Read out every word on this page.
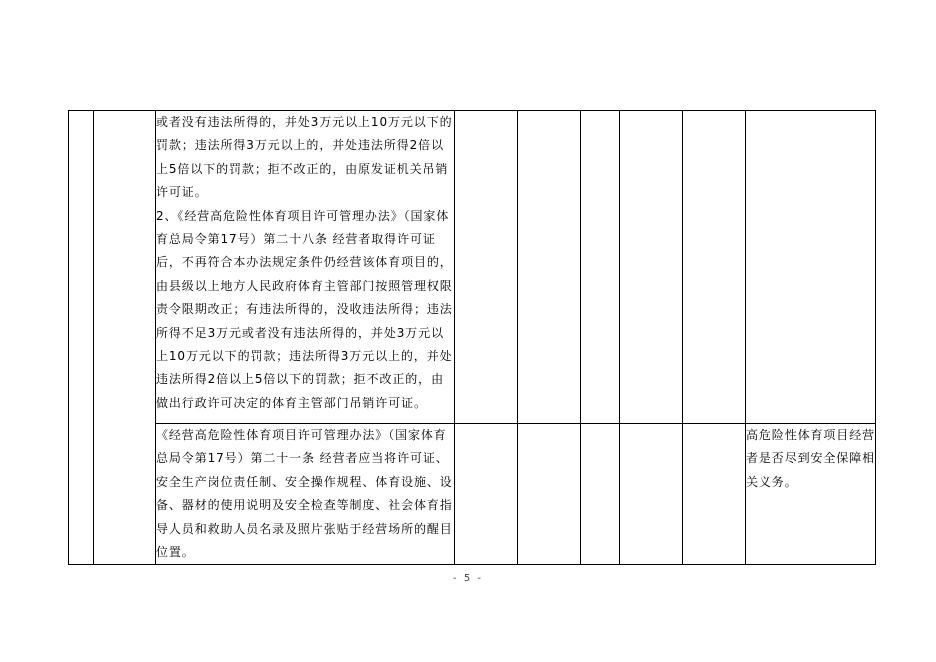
		或者没有违法所得的，并处3万元以上10万元以下的罚款；违法所得3万元以上的，并处违法所得2倍以上5倍以下的罚款；拒不改正的，由原发证机关吊销许可证。

2、《经营高危险性体育项目许可管理办法》（国家体育总局令第17号）第二十八条 经营者取得许可证后，不再符合本办法规定条件仍经营该体育项目的，由县级以上地方人民政府体育主管部门按照管理权限责令限期改正；有违法所得的，没收违法所得；违法所得不足3万元或者没有违法所得的，并处3万元以上10万元以下的罚款；违法所得3万元以上的，并处违法所得2倍以上5倍以下的罚款；拒不改正的，由做出行政许可决定的体育主管部门吊销许可证。						

		《经营高危险性体育项目许可管理办法》（国家体育总局令第17号）第二十一条 经营者应当将许可证、安全生产岗位责任制、安全操作规程、体育设施、设备、器材的使用说明及安全检查等制度、社会体育指导人员和救助人员名录及照片张贴于经营场所的醒目位置。						高危险性体育项目经营者是否尽到安全保障相关义务。
- 5 -
